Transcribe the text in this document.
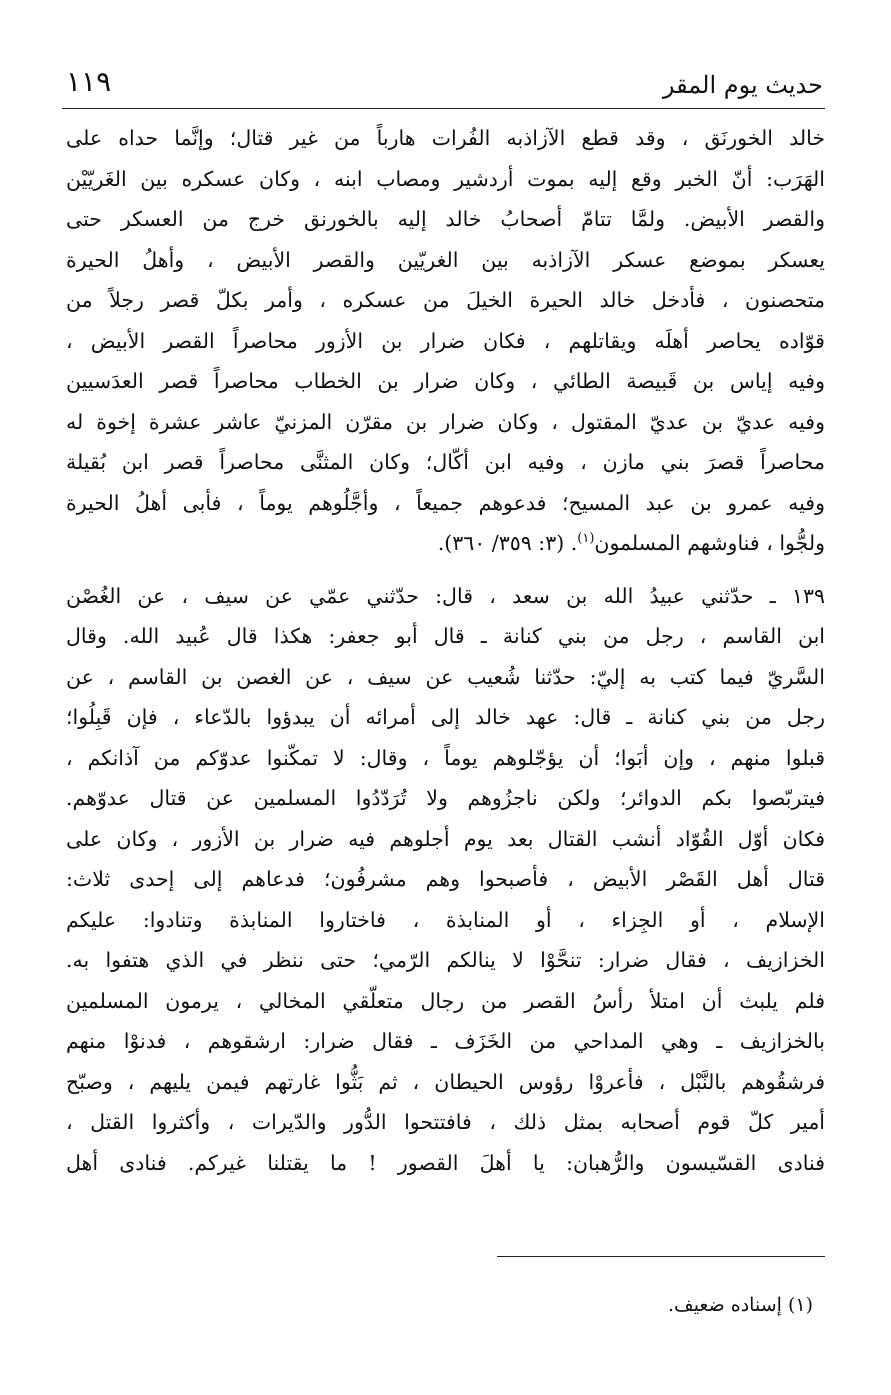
حديث يوم المقر
١١٩
خالد الخورنَق ، وقد قطع الآزاذبه الفُرات هارباً من غير قتال؛ وإنَّما حداه على
الهَرَب: أنّ الخبر وقع إليه بموت أردشير ومصاب ابنه ، وكان عسكره بين الغَريّيْن
والقصر الأبيض. ولمَّا تتامّ أصحابُ خالد إليه بالخورنق خرج من العسكر حتى
يعسكر بموضع عسكر الآزاذبه بين الغريّين والقصر الأبيض ، وأهلُ الحيرة
متحصنون ، فأدخل خالد الحيرة الخيلَ من عسكره ، وأمر بكلّ قصر رجلاً من
قوّاده يحاصر أهلَه ويقاتلهم ، فكان ضرار بن الأزور محاصراً القصر الأبيض ،
وفيه إياس بن قَبيصة الطائي ، وكان ضرار بن الخطاب محاصراً قصر العدَسيين
وفيه عديّ بن عديّ المقتول ، وكان ضرار بن مقرّن المزنيّ عاشر عشرة إخوة له
محاصراً قصرَ بني مازن ، وفيه ابن أكّال؛ وكان المثنَّى محاصراً قصر ابن بُقيلة
وفيه عمرو بن عبد المسيح؛ فدعوهم جميعاً ، وأجَّلُوهم يوماً ، فأبى أهلُ الحيرة
ولجُّوا ، فناوشهم المسلمون$^{(١)}$. (٣: ٣٥٩/ ٣٦٠).
١٣٩ ـ حدّثني عبيدُ الله بن سعد ، قال: حدّثني عمّي عن سيف ، عن الغُصْن
ابن القاسم ، رجل من بني كنانة ـ قال أبو جعفر: هكذا قال عُبيد الله. وقال
السَّريّ فيما كتب به إليّ: حدّثنا شُعيب عن سيف ، عن الغصن بن القاسم ، عن
رجل من بني كنانة ـ قال: عهد خالد إلى أمرائه أن يبدؤوا بالدّعاء ، فإن قَبِلُوا؛
قبلوا منهم ، وإن أبَوا؛ أن يؤجّلوهم يوماً ، وقال: لا تمكّنوا عدوّكم من آذانكم ،
فيتربّصوا بكم الدوائر؛ ولكن ناجزُوهم ولا تُرَدّدُوا المسلمين عن قتال عدوّهم.
فكان أوّل القُوّاد أنشب القتال بعد يوم أجلوهم فيه ضرار بن الأزور ، وكان على
قتال أهل القَصْر الأبيض ، فأصبحوا وهم مشرفُون؛ فدعاهم إلى إحدى ثلاث:
الإسلام ، أو الجِزاء ، أو المنابذة ، فاختاروا المنابذة وتنادوا: عليكم
الخزازيف ، فقال ضرار: تنحَّوْا لا ينالكم الرّمي؛ حتى ننظر في الذي هتفوا به.
فلم يلبث أن امتلأ رأسُ القصر من رجال متعلّقي المخالي ، يرمون المسلمين
بالخزازيف ـ وهي المداحي من الخَزَف ـ فقال ضرار: ارشقوهم ، فدنوْا منهم
فرشقُوهم بالنَّبْل ، فأعروْا رؤوس الحيطان ، ثم بَثُّوا غارتهم فيمن يليهم ، وصبّح
أمير كلّ قوم أصحابه بمثل ذلك ، فافتتحوا الدُّور والدّيرات ، وأكثروا القتل ،
فنادى القسّيسون والرُّهبان: يا أهلَ القصور ! ما يقتلنا غيركم. فنادى أهل
(١) إسناده ضعيف.
